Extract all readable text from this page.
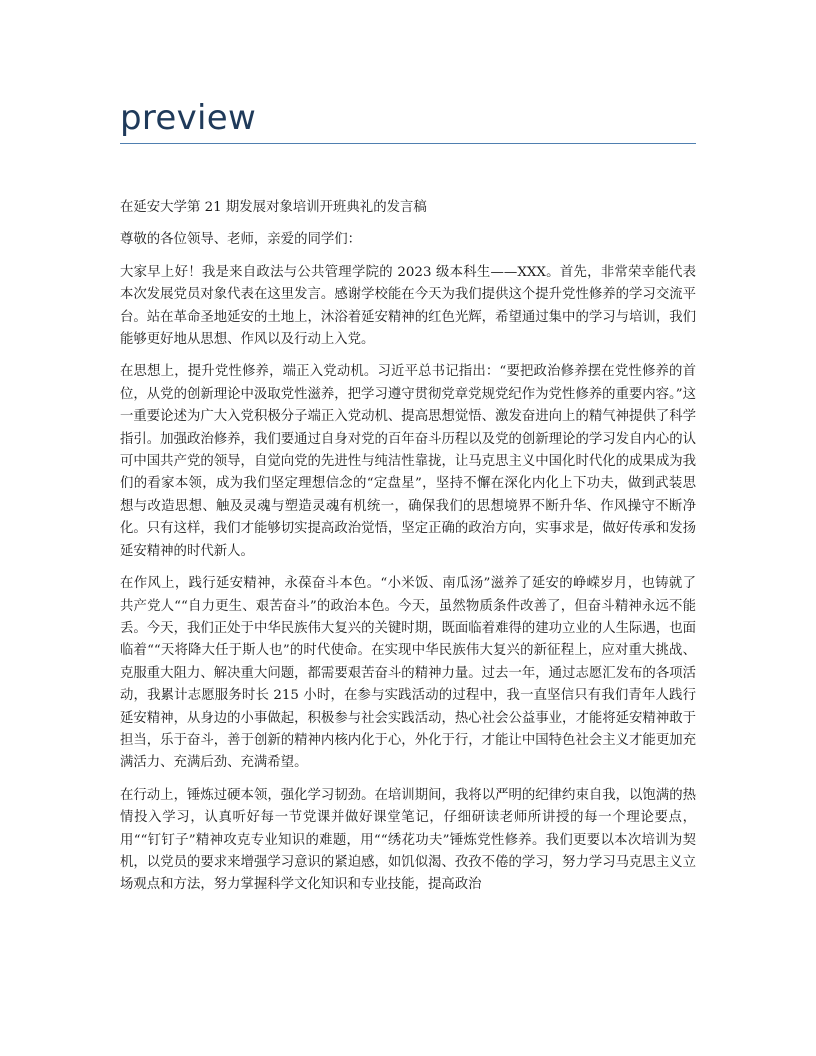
preview

在延安大学第 21 期发展对象培训开班典礼的发言稿

尊敬的各位领导、老师，亲爱的同学们：

大家早上好！我是来自政法与公共管理学院的 2023 级本科生——XXX。首先，非常荣幸能代表本次发展党员对象代表在这里发言。感谢学校能在今天为我们提供这个提升党性修养的学习交流平台。站在革命圣地延安的土地上，沐浴着延安精神的红色光辉，希望通过集中的学习与培训，我们能够更好地从思想、作风以及行动上入党。

在思想上，提升党性修养，端正入党动机。习近平总书记指出：“要把政治修养摆在党性修养的首位，从党的创新理论中汲取党性滋养，把学习遵守贯彻党章党规党纪作为党性修养的重要内容。”这一重要论述为广大入党积极分子端正入党动机、提高思想觉悟、激发奋进向上的精气神提供了科学指引。加强政治修养，我们要通过自身对党的百年奋斗历程以及党的创新理论的学习发自内心的认可中国共产党的领导，自觉向党的先进性与纯洁性靠拢，让马克思主义中国化时代化的成果成为我们的看家本领，成为我们坚定理想信念的“定盘星”，坚持不懈在深化内化上下功夫，做到武装思想与改造思想、触及灵魂与塑造灵魂有机统一，确保我们的思想境界不断升华、作风操守不断净化。只有这样，我们才能够切实提高政治觉悟，坚定正确的政治方向，实事求是，做好传承和发扬延安精神的时代新人。

在作风上，践行延安精神，永葆奋斗本色。“小米饭、南瓜汤”滋养了延安的峥嵘岁月，也铸就了共产党人““自力更生、艰苦奋斗”的政治本色。今天，虽然物质条件改善了，但奋斗精神永远不能丢。今天，我们正处于中华民族伟大复兴的关键时期，既面临着难得的建功立业的人生际遇，也面临着““天将降大任于斯人也”的时代使命。在实现中华民族伟大复兴的新征程上，应对重大挑战、克服重大阻力、解决重大问题，都需要艰苦奋斗的精神力量。过去一年，通过志愿汇发布的各项活动，我累计志愿服务时长 215 小时，在参与实践活动的过程中，我一直坚信只有我们青年人践行延安精神，从身边的小事做起，积极参与社会实践活动，热心社会公益事业，才能将延安精神敢于担当，乐于奋斗，善于创新的精神内核内化于心，外化于行，才能让中国特色社会主义才能更加充满活力、充满后劲、充满希望。

在行动上，锤炼过硬本领，强化学习韧劲。在培训期间，我将以严明的纪律约束自我，以饱满的热情投入学习，认真听好每一节党课并做好课堂笔记，仔细研读老师所讲授的每一个理论要点，用““钉钉子”精神攻克专业知识的难题，用““绣花功夫”锤炼党性修养。我们更要以本次培训为契机，以党员的要求来增强学习意识的紧迫感，如饥似渴、孜孜不倦的学习，努力学习马克思主义立场观点和方法，努力掌握科学文化知识和专业技能，提高政治
